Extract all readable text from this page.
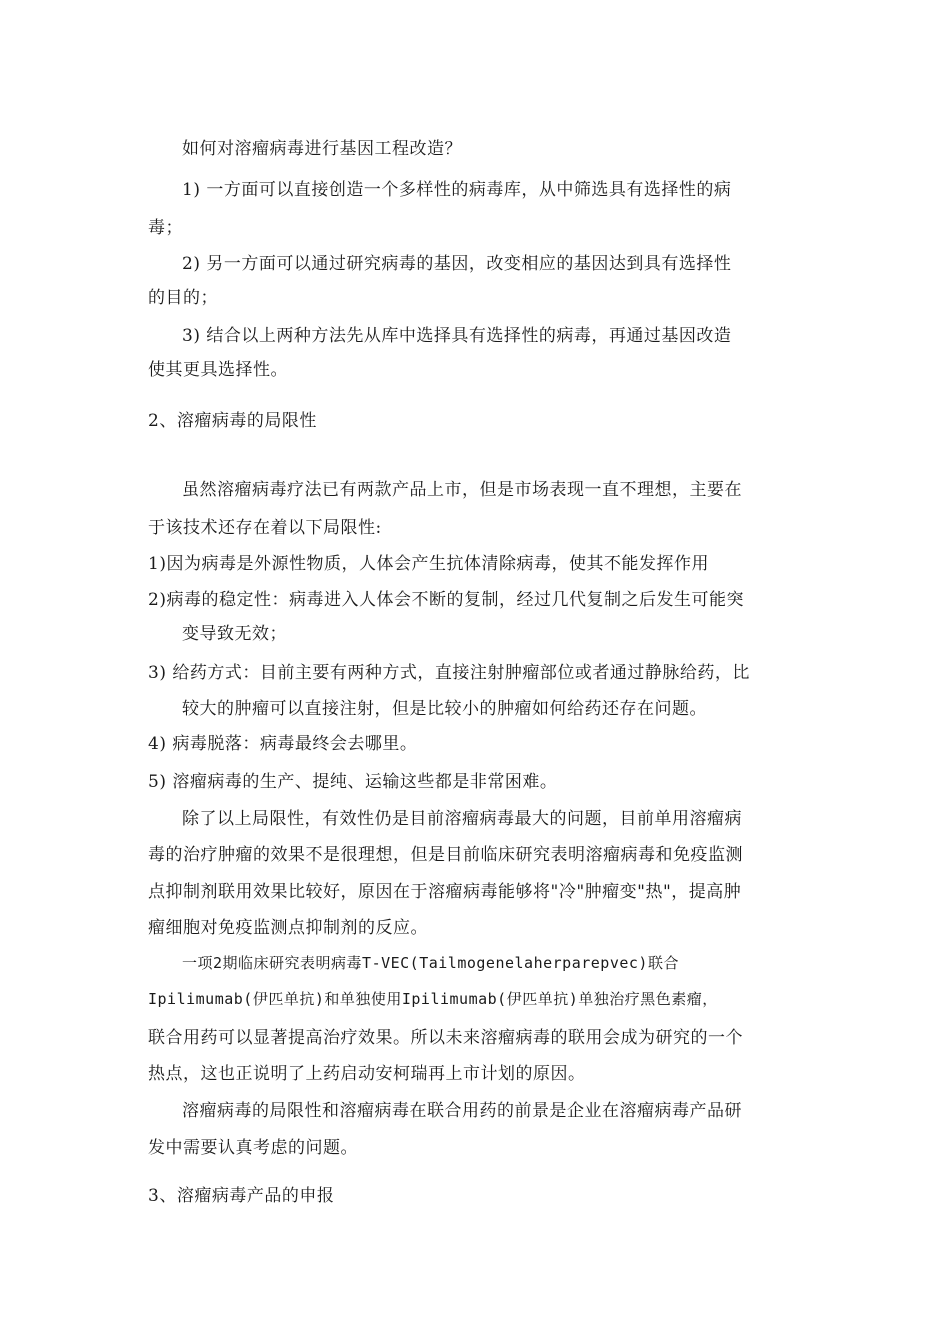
如何对溶瘤病毒进行基因工程改造？

1) 一方面可以直接创造一个多样性的病毒库，从中筛选具有选择性的病

毒；

2) 另一方面可以通过研究病毒的基因，改变相应的基因达到具有选择性

的目的；

3) 结合以上两种方法先从库中选择具有选择性的病毒，再通过基因改造

使其更具选择性。

2、溶瘤病毒的局限性

虽然溶瘤病毒疗法已有两款产品上市，但是市场表现一直不理想，主要在

于该技术还存在着以下局限性:

1)因为病毒是外源性物质，人体会产生抗体清除病毒，使其不能发挥作用

2)病毒的稳定性：病毒进入人体会不断的复制，经过几代复制之后发生可能突

变导致无效；

3) 给药方式：目前主要有两种方式，直接注射肿瘤部位或者通过静脉给药，比

较大的肿瘤可以直接注射，但是比较小的肿瘤如何给药还存在问题。

4) 病毒脱落：病毒最终会去哪里。

5) 溶瘤病毒的生产、提纯、运输这些都是非常困难。

除了以上局限性，有效性仍是目前溶瘤病毒最大的问题，目前单用溶瘤病

毒的治疗肿瘤的效果不是很理想，但是目前临床研究表明溶瘤病毒和免疫监测

点抑制剂联用效果比较好，原因在于溶瘤病毒能够将"冷"肿瘤变"热"，提高肿

瘤细胞对免疫监测点抑制剂的反应。

一项2期临床研究表明病毒T-VEC(Tailmogenelaherparepvec)联合

Ipilimumab(伊匹单抗)和单独使用Ipilimumab(伊匹单抗)单独治疗黑色素瘤，

联合用药可以显著提高治疗效果。所以未来溶瘤病毒的联用会成为研究的一个

热点，这也正说明了上药启动安柯瑞再上市计划的原因。

溶瘤病毒的局限性和溶瘤病毒在联合用药的前景是企业在溶瘤病毒产品研

发中需要认真考虑的问题。

3、溶瘤病毒产品的申报
